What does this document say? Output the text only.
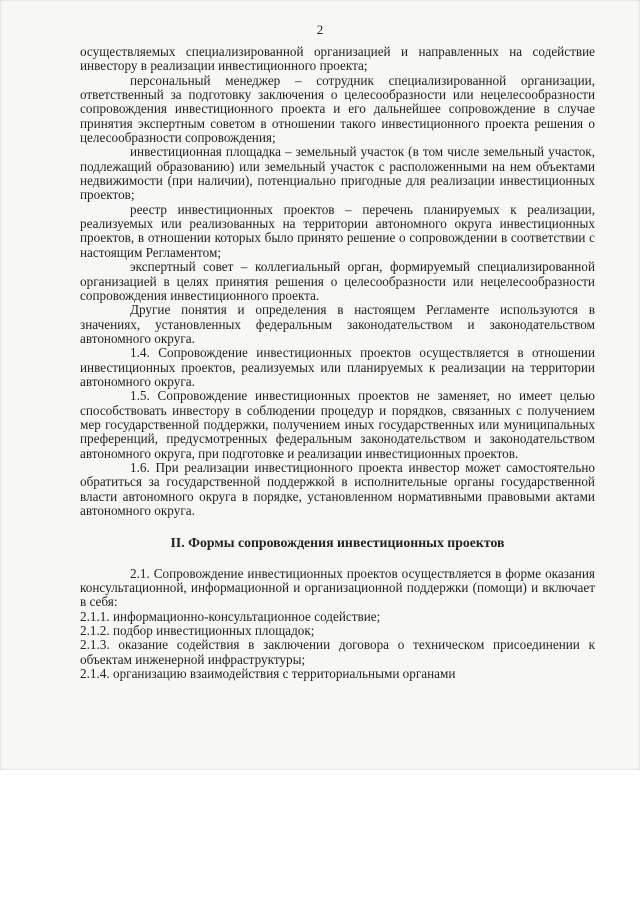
2

осуществляемых специализированной организацией и направленных на содействие инвестору в реализации инвестиционного проекта;

персональный менеджер – сотрудник специализированной организации, ответственный за подготовку заключения о целесообразности или нецелесообразности сопровождения инвестиционного проекта и его дальнейшее сопровождение в случае принятия экспертным советом в отношении такого инвестиционного проекта решения о целесообразности сопровождения;

инвестиционная площадка – земельный участок (в том числе земельный участок, подлежащий образованию) или земельный участок с расположенными на нем объектами недвижимости (при наличии), потенциально пригодные для реализации инвестиционных проектов;

реестр инвестиционных проектов – перечень планируемых к реализации, реализуемых или реализованных на территории автономного округа инвестиционных проектов, в отношении которых было принято решение о сопровождении в соответствии с настоящим Регламентом;

экспертный совет – коллегиальный орган, формируемый специализированной организацией в целях принятия решения о целесообразности или нецелесообразности сопровождения инвестиционного проекта.

Другие понятия и определения в настоящем Регламенте используются в значениях, установленных федеральным законодательством и законодательством автономного округа.

1.4. Сопровождение инвестиционных проектов осуществляется в отношении инвестиционных проектов, реализуемых или планируемых к реализации на территории автономного округа.

1.5. Сопровождение инвестиционных проектов не заменяет, но имеет целью способствовать инвестору в соблюдении процедур и порядков, связанных с получением мер государственной поддержки, получением иных государственных или муниципальных преференций, предусмотренных федеральным законодательством и законодательством автономного округа, при подготовке и реализации инвестиционных проектов.

1.6. При реализации инвестиционного проекта инвестор может самостоятельно обратиться за государственной поддержкой в исполнительные органы государственной власти автономного округа в порядке, установленном нормативными правовыми актами автономного округа.

II. Формы сопровождения инвестиционных проектов

2.1. Сопровождение инвестиционных проектов осуществляется в форме оказания консультационной, информационной и организационной поддержки (помощи) и включает в себя:

2.1.1. информационно-консультационное содействие;

2.1.2. подбор инвестиционных площадок;

2.1.3. оказание содействия в заключении договора о техническом присоединении к объектам инженерной инфраструктуры;

2.1.4. организацию взаимодействия с территориальными органами
